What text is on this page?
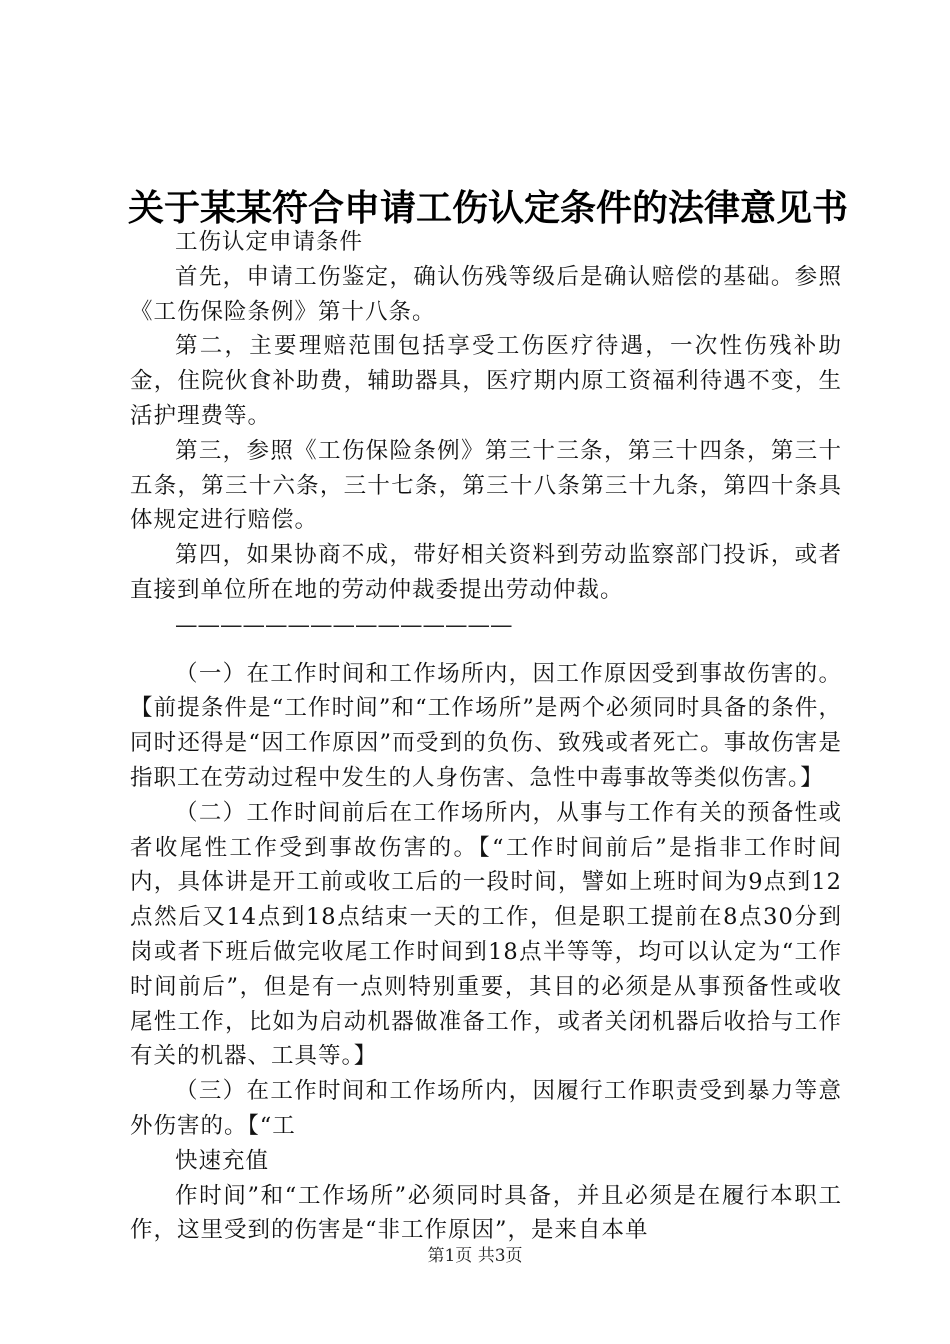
关于某某符合申请工伤认定条件的法律意见书

工伤认定申请条件

首先，申请工伤鉴定，确认伤残等级后是确认赔偿的基础。参照《工伤保险条例》第十八条。

第二，主要理赔范围包括享受工伤医疗待遇，一次性伤残补助金，住院伙食补助费，辅助器具，医疗期内原工资福利待遇不变，生活护理费等。

第三，参照《工伤保险条例》第三十三条，第三十四条，第三十五条，第三十六条，三十七条，第三十八条第三十九条，第四十条具体规定进行赔偿。

第四，如果协商不成，带好相关资料到劳动监察部门投诉，或者直接到单位所在地的劳动仲裁委提出劳动仲裁。

———————————————

（一）在工作时间和工作场所内，因工作原因受到事故伤害的。【前提条件是“工作时间”和“工作场所”是两个必须同时具备的条件，同时还得是“因工作原因”而受到的负伤、致残或者死亡。事故伤害是指职工在劳动过程中发生的人身伤害、急性中毒事故等类似伤害。】

（二）工作时间前后在工作场所内，从事与工作有关的预备性或者收尾性工作受到事故伤害的。【“工作时间前后”是指非工作时间内，具体讲是开工前或收工后的一段时间，譬如上班时间为9点到12点然后又14点到18点结束一天的工作，但是职工提前在8点30分到岗或者下班后做完收尾工作时间到18点半等等，均可以认定为“工作时间前后”，但是有一点则特别重要，其目的必须是从事预备性或收尾性工作，比如为启动机器做准备工作，或者关闭机器后收拾与工作有关的机器、工具等。】

（三）在工作时间和工作场所内，因履行工作职责受到暴力等意外伤害的。【“工

快速充值

作时间”和“工作场所”必须同时具备，并且必须是在履行本职工作，这里受到的伤害是“非工作原因”，是来自本单

第1页 共3页
